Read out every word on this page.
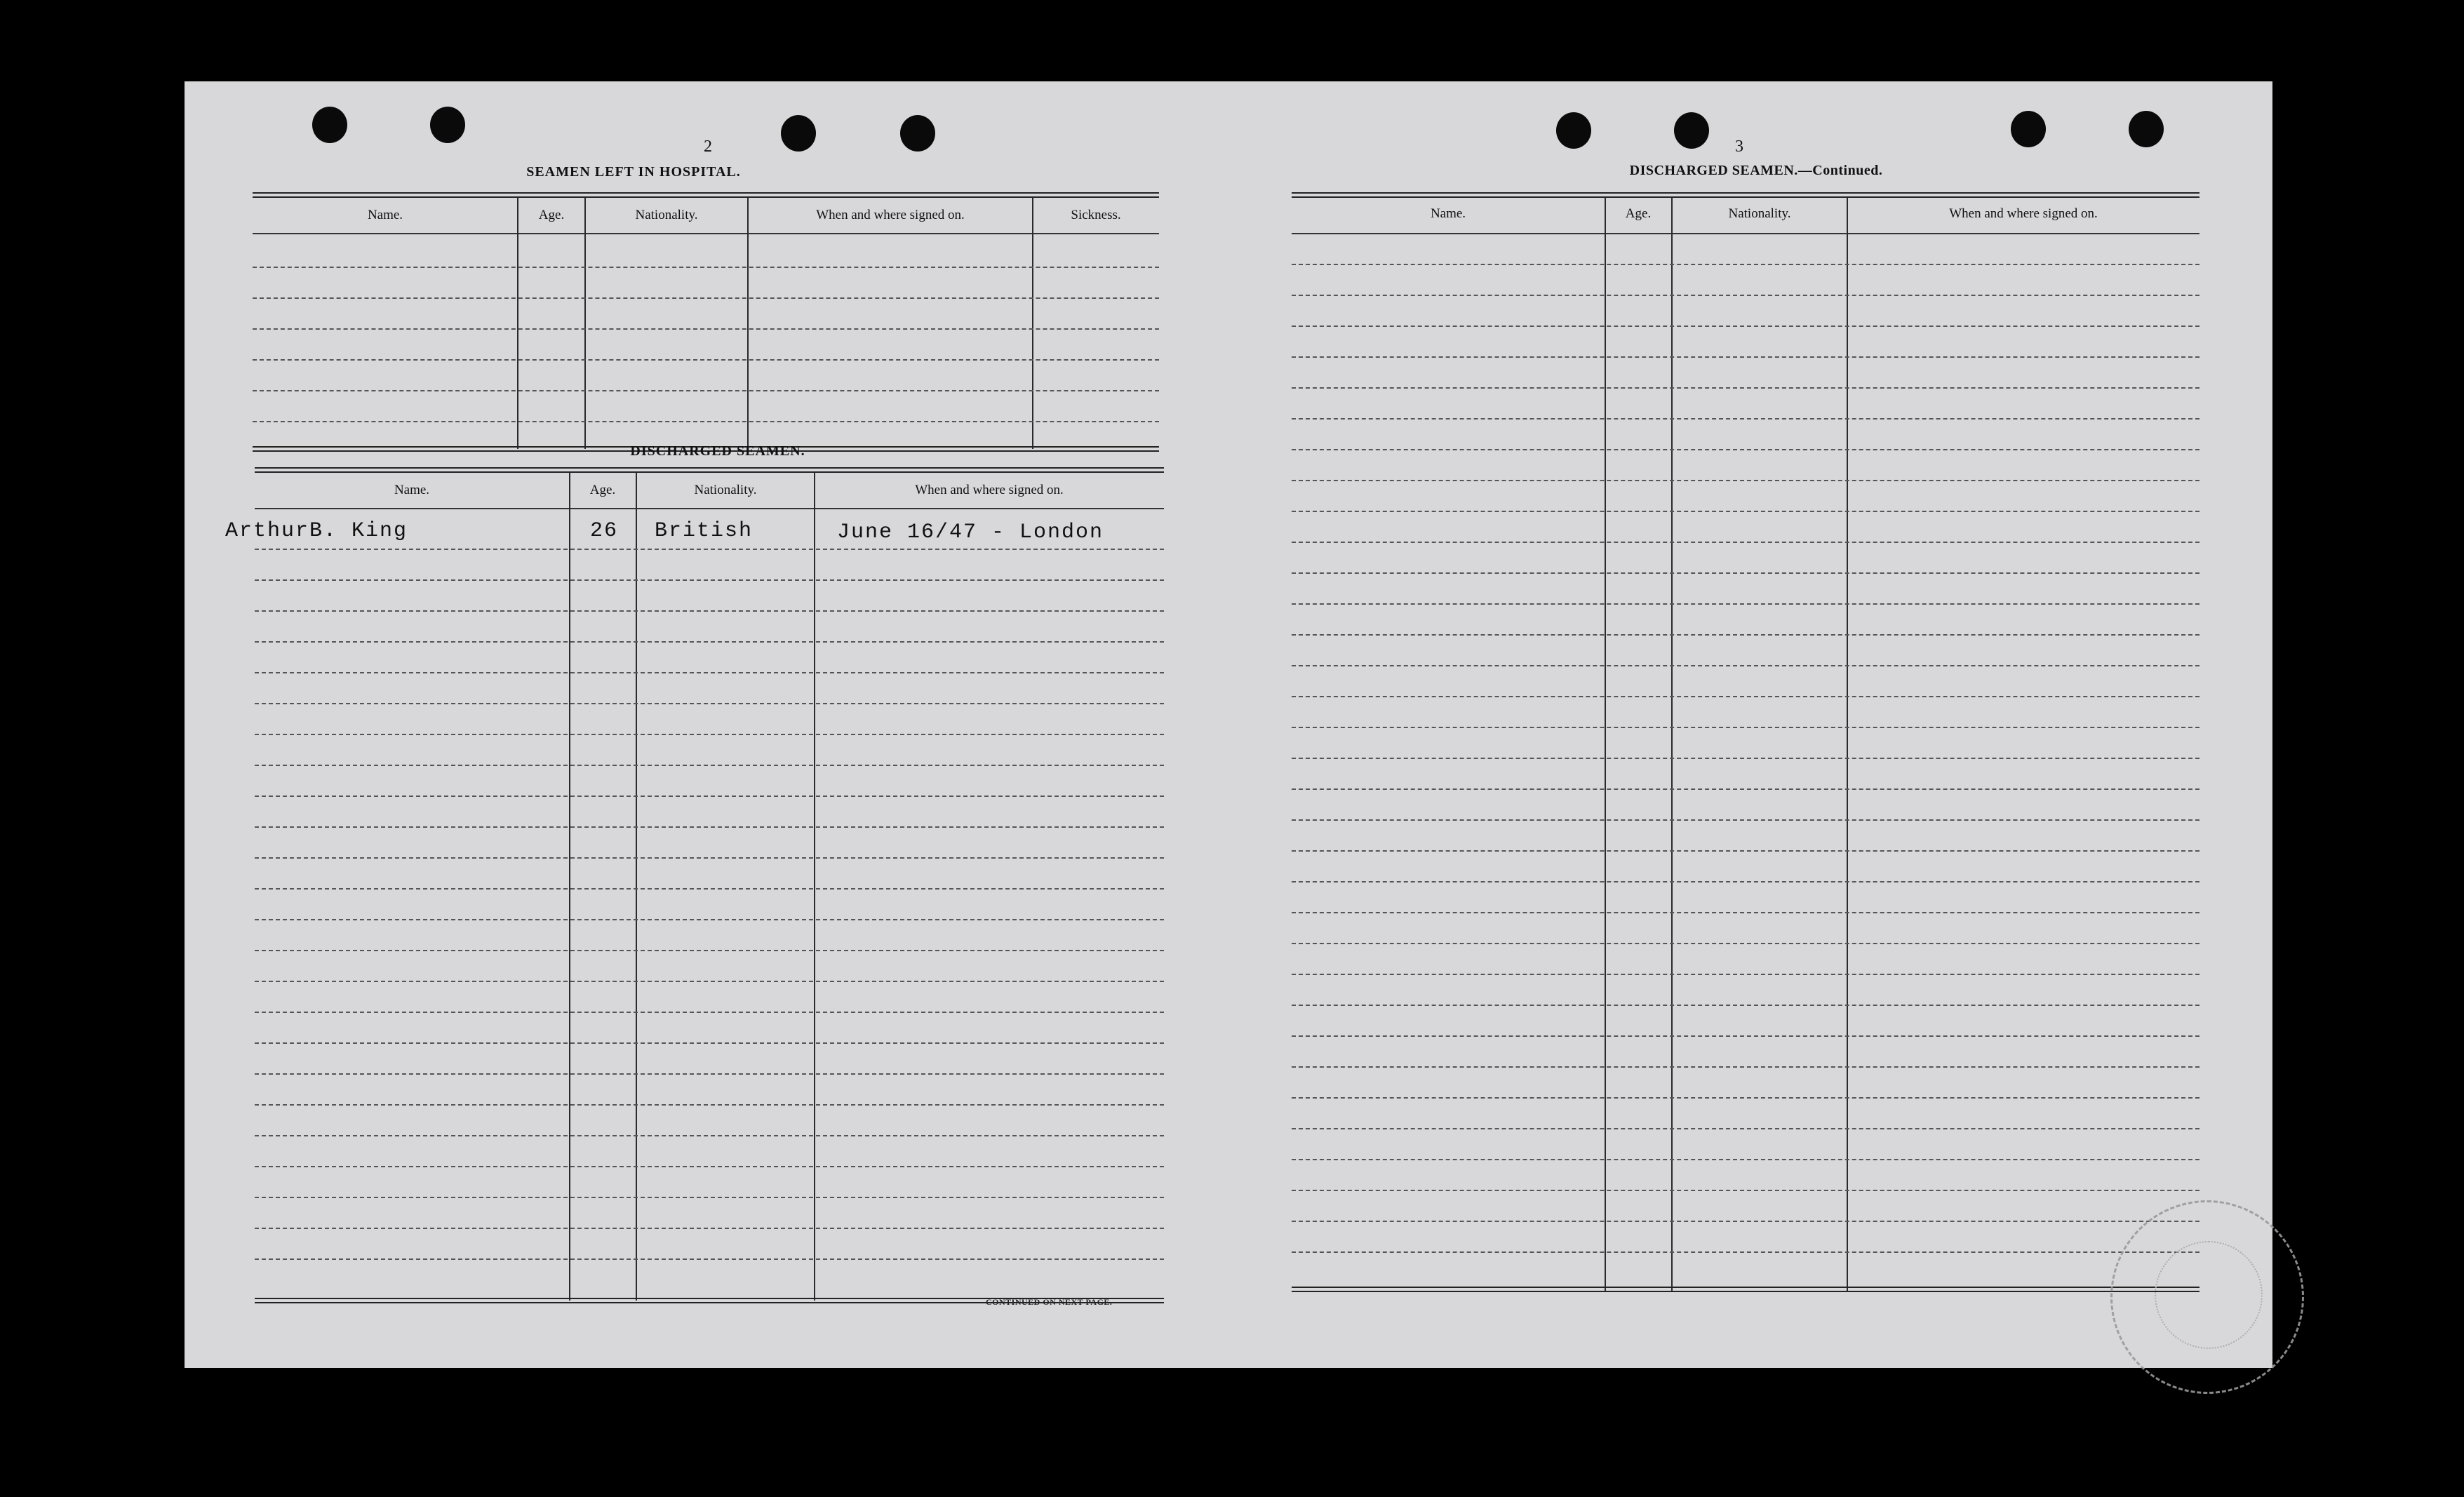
2
SEAMEN LEFT IN HOSPITAL.
Name.	Age.	Nationality.	When and where signed on.	Sickness.
DISCHARGED SEAMEN.
Name.	Age.	Nationality.	When and where signed on.
ArthurB. King	26 British	June 16/47 - London
CONTINUED ON NEXT PAGE.
3
DISCHARGED SEAMEN.—Continued.
Name.	Age.	Nationality.	When and where signed on.
